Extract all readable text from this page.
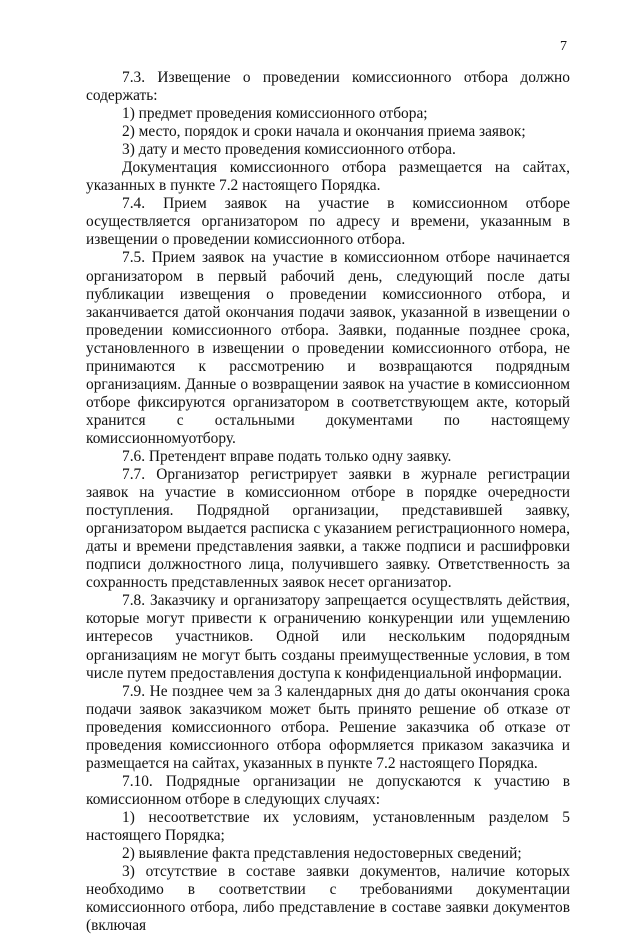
7

7.3. Извещение о проведении комиссионного отбора должно содержать:

1) предмет проведения комиссионного отбора;

2) место, порядок и сроки начала и окончания приема заявок;

3) дату и место проведения комиссионного отбора.

Документация комиссионного отбора размещается на сайтах, указанных в пункте 7.2 настоящего Порядка.

7.4. Прием заявок на участие в комиссионном отборе осуществляется организатором по адресу и времени, указанным в извещении о проведении комиссионного отбора.

7.5. Прием заявок на участие в комиссионном отборе начинается организатором в первый рабочий день, следующий после даты публикации извещения о проведении комиссионного отбора, и заканчивается датой окончания подачи заявок, указанной в извещении о проведении комиссионного отбора. Заявки, поданные позднее срока, установленного в извещении о проведении комиссионного отбора, не принимаются к рассмотрению и возвращаются подрядным организациям. Данные о возвращении заявок на участие в комиссионном отборе фиксируются организатором в соответствующем акте, который хранится с остальными документами по настоящему комиссионномуотбору.

7.6. Претендент вправе подать только одну заявку.

7.7. Организатор регистрирует заявки в журнале регистрации заявок на участие в комиссионном отборе в порядке очередности поступления. Подрядной организации, представившей заявку, организатором выдается расписка с указанием регистрационного номера, даты и времени представления заявки, а также подписи и расшифровки подписи должностного лица, получившего заявку. Ответственность за сохранность представленных заявок несет организатор.

7.8. Заказчику и организатору запрещается осуществлять действия, которые могут привести к ограничению конкуренции или ущемлению интересов участников. Одной или нескольким подорядным организациям не могут быть созданы преимущественные условия, в том числе путем предоставления доступа к конфиденциальной информации.

7.9. Не позднее чем за 3 календарных дня до даты окончания срока подачи заявок заказчиком может быть принято решение об отказе от проведения комиссионного отбора. Решение заказчика об отказе от проведения комиссионного отбора оформляется приказом заказчика и размещается на сайтах, указанных в пункте 7.2 настоящего Порядка.

7.10. Подрядные организации не допускаются к участию в комиссионном отборе в следующих случаях:

1) несоответствие их условиям, установленным разделом 5 настоящего Порядка;

2) выявление факта представления недостоверных сведений;

3) отсутствие в составе заявки документов, наличие которых необходимо в соответствии с требованиями документации комиссионного отбора, либо представление в составе заявки документов (включая
